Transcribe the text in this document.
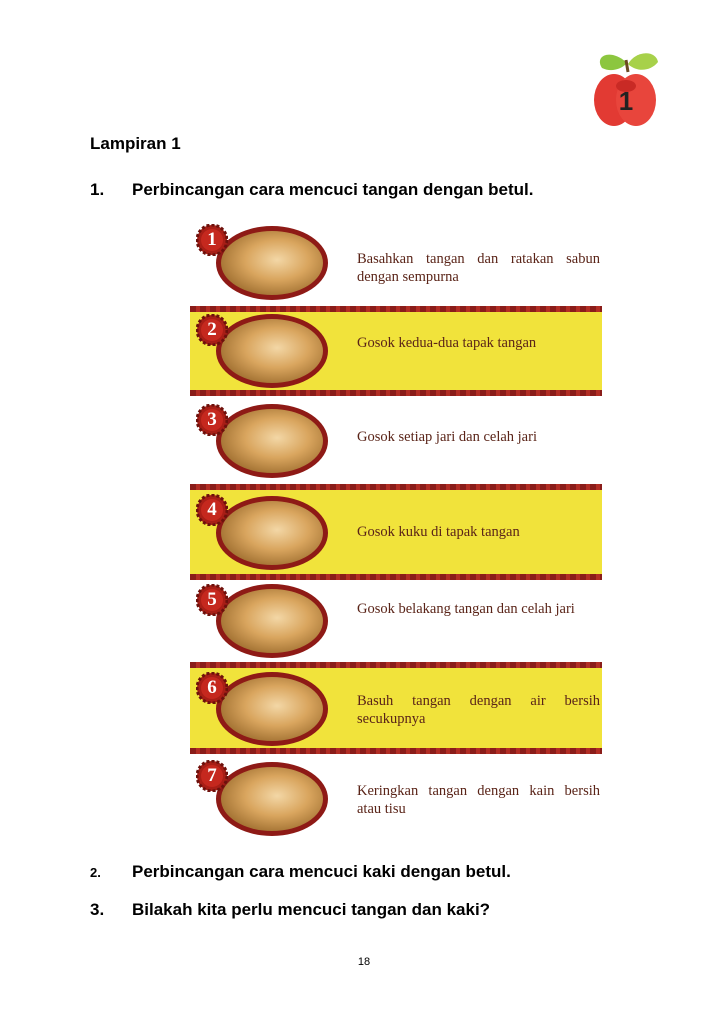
1
Lampiran 1
1. Perbincangan cara mencuci tangan dengan betul.
1
Basahkan tangan dan ratakan sabun dengan sempurna
2
Gosok kedua-dua tapak tangan
3
Gosok setiap jari dan celah jari
4
Gosok kuku di tapak tangan
5	Gosok belakang tangan dan celah jari
6
Basuh tangan dengan air bersih secukupnya
7
Keringkan tangan dengan kain bersih atau tisu
2. Perbincangan cara mencuci kaki dengan betul.
3. Bilakah kita perlu mencuci tangan dan kaki?
18
